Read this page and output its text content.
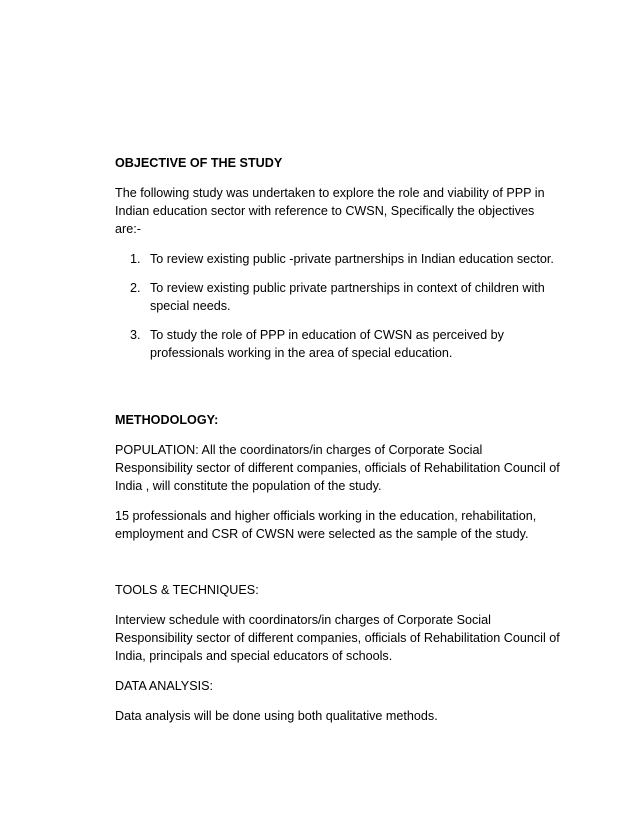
OBJECTIVE OF THE STUDY

The following study was undertaken to explore the role and viability of PPP in Indian education sector with reference to CWSN, Specifically the objectives are:-

1. To review existing public -private partnerships in Indian education sector.
2. To review existing public private partnerships in context of children with special needs.
3. To study the role of PPP in education of CWSN as perceived by professionals working in the area of special education.
METHODOLOGY:

POPULATION: All the coordinators/in charges of Corporate Social Responsibility sector of different companies, officials of Rehabilitation Council of India , will constitute the population of the study.

15 professionals and higher officials working in the education, rehabilitation, employment and CSR of CWSN were selected as the sample of the study.

TOOLS & TECHNIQUES:

Interview schedule with coordinators/in charges of Corporate Social Responsibility sector of different companies, officials of Rehabilitation Council of India, principals and special educators of schools.

DATA ANALYSIS:

Data analysis will be done using both qualitative methods.
